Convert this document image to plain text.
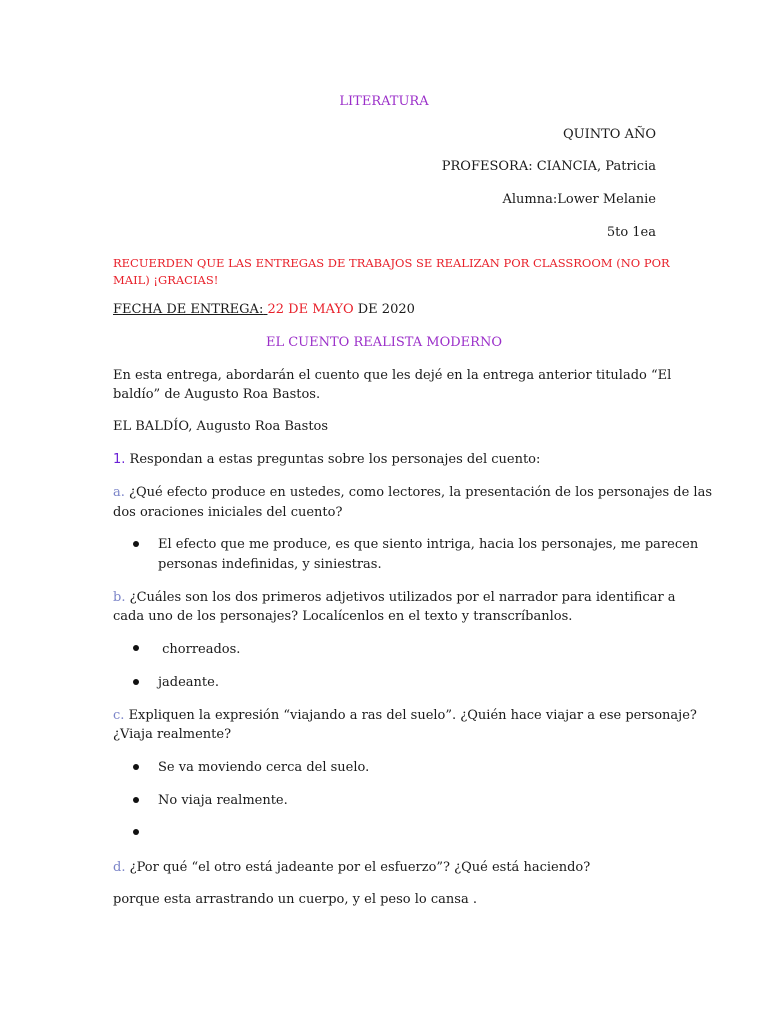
LITERATURA
QUINTO AÑO
PROFESORA: CIANCIA, Patricia
Alumna:Lower Melanie
5to 1ea
RECUERDEN QUE LAS ENTREGAS DE TRABAJOS SE REALIZAN POR CLASSROOM (NO POR
MAIL) ¡GRACIAS!
FECHA DE ENTREGA: 22 DE MAYO DE 2020
EL CUENTO REALISTA MODERNO
En esta entrega, abordarán el cuento que les dejé en la entrega anterior titulado “El
baldío” de Augusto Roa Bastos.
EL BALDÍO, Augusto Roa Bastos
1. Respondan a estas preguntas sobre los personajes del cuento:
a. ¿Qué efecto produce en ustedes, como lectores, la presentación de los personajes de las
dos oraciones iniciales del cuento?
El efecto que me produce, es que siento intriga, hacia los personajes, me parecen
personas indefinidas, y siniestras.
b. ¿Cuáles son los dos primeros adjetivos utilizados por el narrador para identificar a
cada uno de los personajes? Localícenlos en el texto y transcríbanlos.
chorreados.
jadeante.
c. Expliquen la expresión “viajando a ras del suelo”. ¿Quién hace viajar a ese personaje?
¿Viaja realmente?
Se va moviendo cerca del suelo.
No viaja realmente.
d. ¿Por qué “el otro está jadeante por el esfuerzo”? ¿Qué está haciendo?
porque esta arrastrando un cuerpo, y el peso lo cansa .
